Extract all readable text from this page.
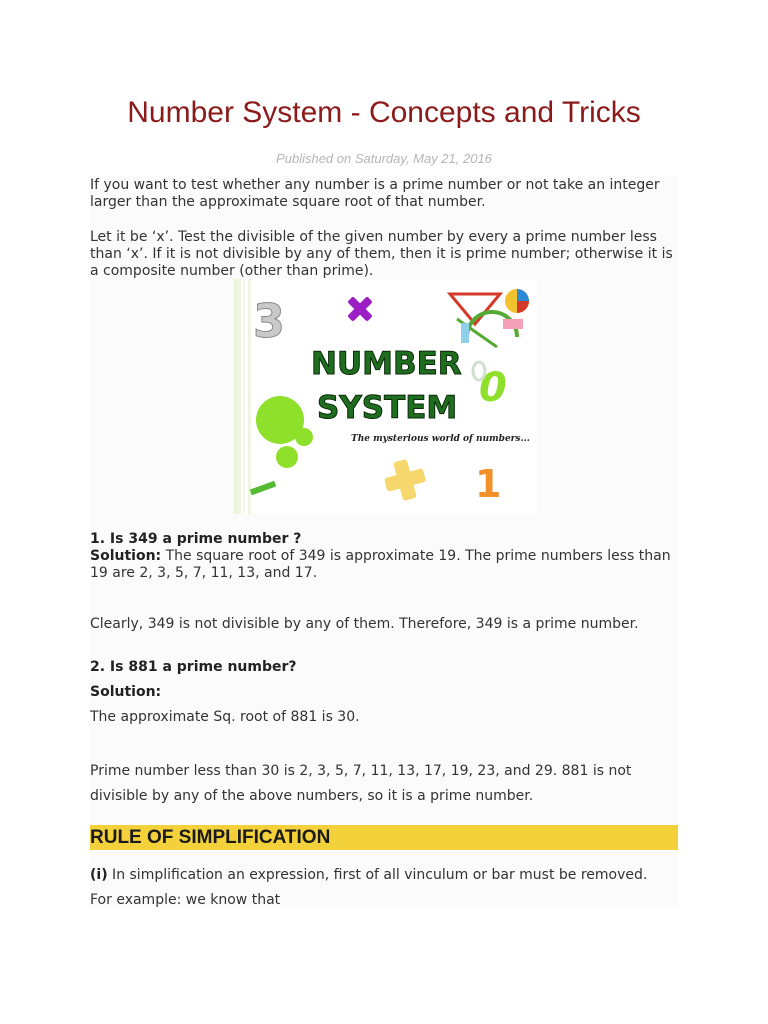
Number System - Concepts and Tricks
Published on Saturday, May 21, 2016

If you want to test whether any number is a prime number or not take an integer larger than the approximate square root of that number.

Let it be ‘x’. Test the divisible of the given number by every a prime number less than ‘x’. If it is not divisible by any of them, then it is prime number; otherwise it is a composite number (other than prime).

3
NUMBER
SYSTEM
The mysterious world of numbers...
0
1

1. Is 349 a prime number ?

Solution: The square root of 349 is approximate 19. The prime numbers less than 19 are 2, 3, 5, 7, 11, 13, and 17.

Clearly, 349 is not divisible by any of them. Therefore, 349 is a prime number.

2. Is 881 a prime number?

Solution:

The approximate Sq. root of 881 is 30.

Prime number less than 30 is 2, 3, 5, 7, 11, 13, 17, 19, 23, and 29. 881 is not divisible by any of the above numbers, so it is a prime number.

RULE OF SIMPLIFICATION

(i) In simplification an expression, first of all vinculum or bar must be removed.

For example: we know that
